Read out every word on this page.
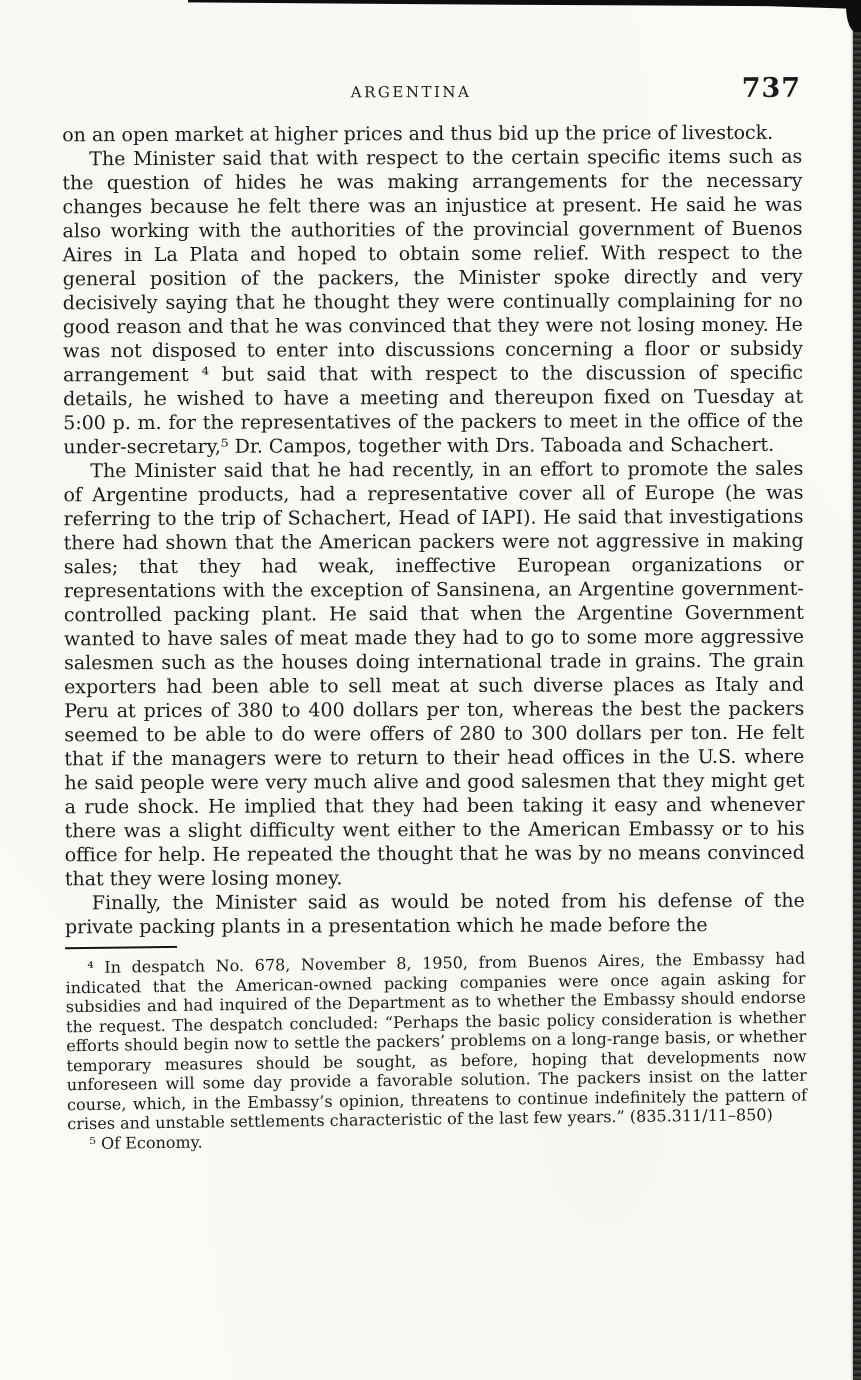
ARGENTINA	737

on an open market at higher prices and thus bid up the price of livestock.

The Minister said that with respect to the certain specific items such as the question of hides he was making arrangements for the necessary changes because he felt there was an injustice at present. He said he was also working with the authorities of the provincial government of Buenos Aires in La Plata and hoped to obtain some relief. With respect to the general position of the packers, the Minister spoke directly and very decisively saying that he thought they were continually complaining for no good reason and that he was convinced that they were not losing money. He was not disposed to enter into discussions concerning a floor or subsidy arrangement ⁴ but said that with respect to the discussion of specific details, he wished to have a meeting and thereupon fixed on Tuesday at 5:00 p. m. for the representatives of the packers to meet in the office of the under-secretary,⁵ Dr. Campos, together with Drs. Taboada and Schachert.

The Minister said that he had recently, in an effort to promote the sales of Argentine products, had a representative cover all of Europe (he was referring to the trip of Schachert, Head of IAPI). He said that investigations there had shown that the American packers were not aggressive in making sales; that they had weak, ineffective European organizations or representations with the exception of Sansinena, an Argentine government-controlled packing plant. He said that when the Argentine Government wanted to have sales of meat made they had to go to some more aggressive salesmen such as the houses doing international trade in grains. The grain exporters had been able to sell meat at such diverse places as Italy and Peru at prices of 380 to 400 dollars per ton, whereas the best the packers seemed to be able to do were offers of 280 to 300 dollars per ton. He felt that if the managers were to return to their head offices in the U.S. where he said people were very much alive and good salesmen that they might get a rude shock. He implied that they had been taking it easy and whenever there was a slight difficulty went either to the American Embassy or to his office for help. He repeated the thought that he was by no means convinced that they were losing money.

Finally, the Minister said as would be noted from his defense of the private packing plants in a presentation which he made before the

⁴ In despatch No. 678, November 8, 1950, from Buenos Aires, the Embassy had indicated that the American-owned packing companies were once again asking for subsidies and had inquired of the Department as to whether the Embassy should endorse the request. The despatch concluded: “Perhaps the basic policy consideration is whether efforts should begin now to settle the packers’ problems on a long-range basis, or whether temporary measures should be sought, as before, hoping that developments now unforeseen will some day provide a favorable solution. The packers insist on the latter course, which, in the Embassy’s opinion, threatens to continue indefinitely the pattern of crises and unstable settlements characteristic of the last few years.” (835.311/11–850)

⁵ Of Economy.
